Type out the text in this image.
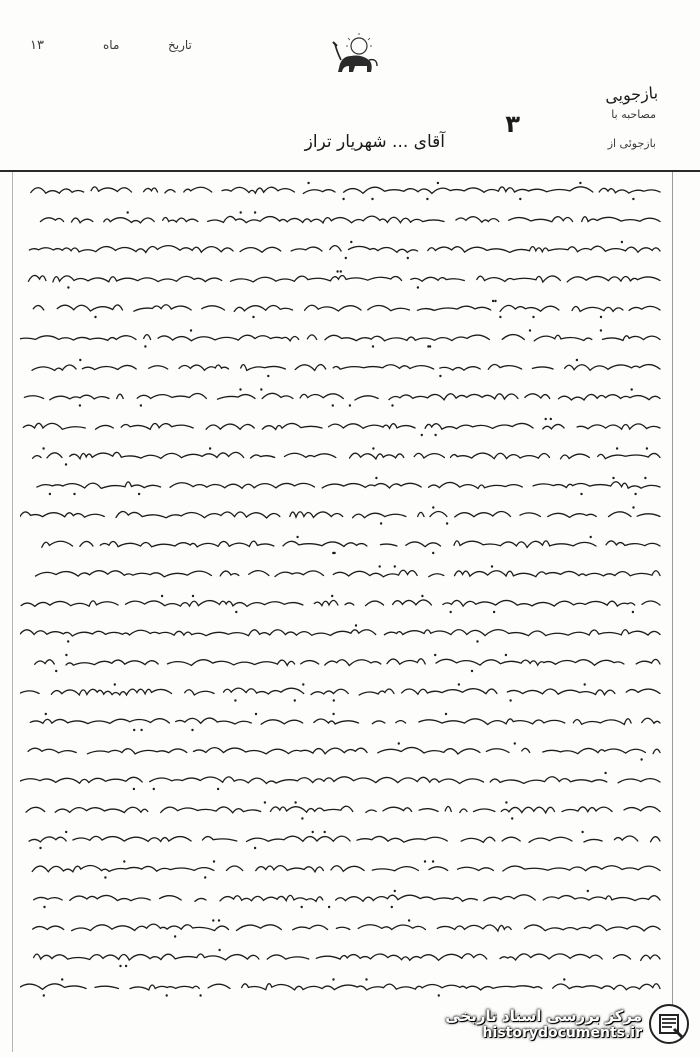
۱۳	ماه	تاریخ
بازجویی
مصاحبه با
۳
بازجوئی از
آقای ... شهریار تراز
مرکز بررسی اسناد تاریخی
historydocuments.ir
